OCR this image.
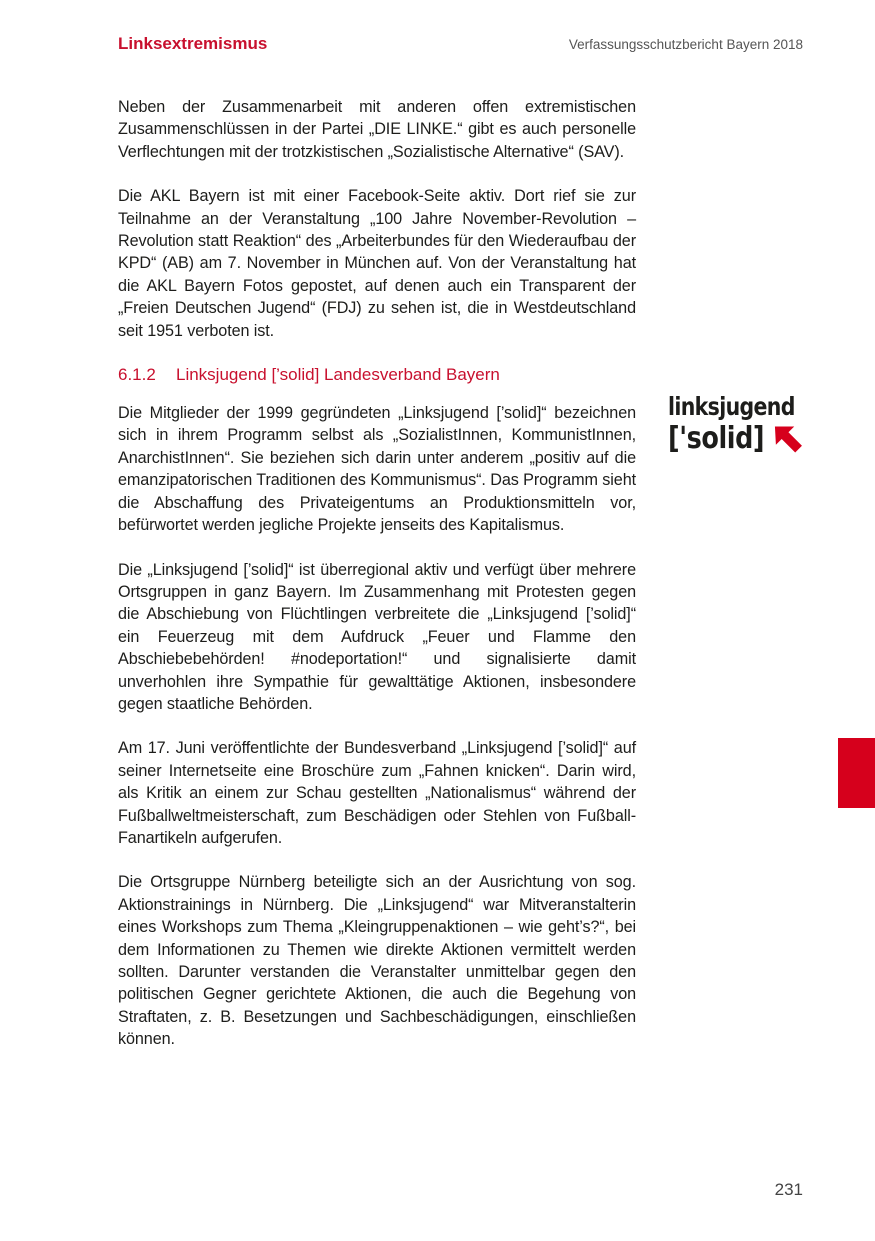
Linksextremismus	Verfassungsschutzbericht Bayern 2018

Neben der Zusammenarbeit mit anderen offen extremistischen Zusammenschlüssen in der Partei „DIE LINKE.“ gibt es auch personelle Verflechtungen mit der trotzkistischen „Sozialistische Alternative“ (SAV).

Die AKL Bayern ist mit einer Facebook-Seite aktiv. Dort rief sie zur Teilnahme an der Veranstaltung „100 Jahre November-Revolution – Revolution statt Reaktion“ des „Arbeiterbundes für den Wiederaufbau der KPD“ (AB) am 7. November in München auf. Von der Veranstaltung hat die AKL Bayern Fotos gepostet, auf denen auch ein Transparent der „Freien Deutschen Jugend“ (FDJ) zu sehen ist, die in Westdeutschland seit 1951 verboten ist.

6.1.2 Linksjugend [’solid] Landesverband Bayern

Die Mitglieder der 1999 gegründeten „Linksjugend [’solid]“ bezeichnen sich in ihrem Programm selbst als „SozialistInnen, KommunistInnen, AnarchistInnen“. Sie beziehen sich darin unter anderem „positiv auf die emanzipatorischen Traditionen des Kommunismus“. Das Programm sieht die Abschaffung des Privateigentums an Produktionsmitteln vor, befürwortet werden jegliche Projekte jenseits des Kapitalismus.

Die „Linksjugend [’solid]“ ist überregional aktiv und verfügt über mehrere Ortsgruppen in ganz Bayern. Im Zusammenhang mit Protesten gegen die Abschiebung von Flüchtlingen verbreitete die „Linksjugend [’solid]“ ein Feuerzeug mit dem Aufdruck „Feuer und Flamme den Abschiebebehörden! #nodeportation!“ und signalisierte damit unverhohlen ihre Sympathie für gewalttätige Aktionen, insbesondere gegen staatliche Behörden.

Am 17. Juni veröffentlichte der Bundesverband „Linksjugend [’solid]“ auf seiner Internetseite eine Broschüre zum „Fahnen knicken“. Darin wird, als Kritik an einem zur Schau gestellten „Nationalismus“ während der Fußballweltmeisterschaft, zum Beschädigen oder Stehlen von Fußball-Fanartikeln aufgerufen.

Die Ortsgruppe Nürnberg beteiligte sich an der Ausrichtung von sog. Aktionstrainings in Nürnberg. Die „Linksjugend“ war Mitveranstalterin eines Workshops zum Thema „Kleingruppenaktionen – wie geht’s?“, bei dem Informationen zu Themen wie direkte Aktionen vermittelt werden sollten. Darunter verstanden die Veranstalter unmittelbar gegen den politischen Gegner gerichtete Aktionen, die auch die Begehung von Straftaten, z. B. Besetzungen und Sachbeschädigungen, einschließen können.

linksjugend
['solid]
231
